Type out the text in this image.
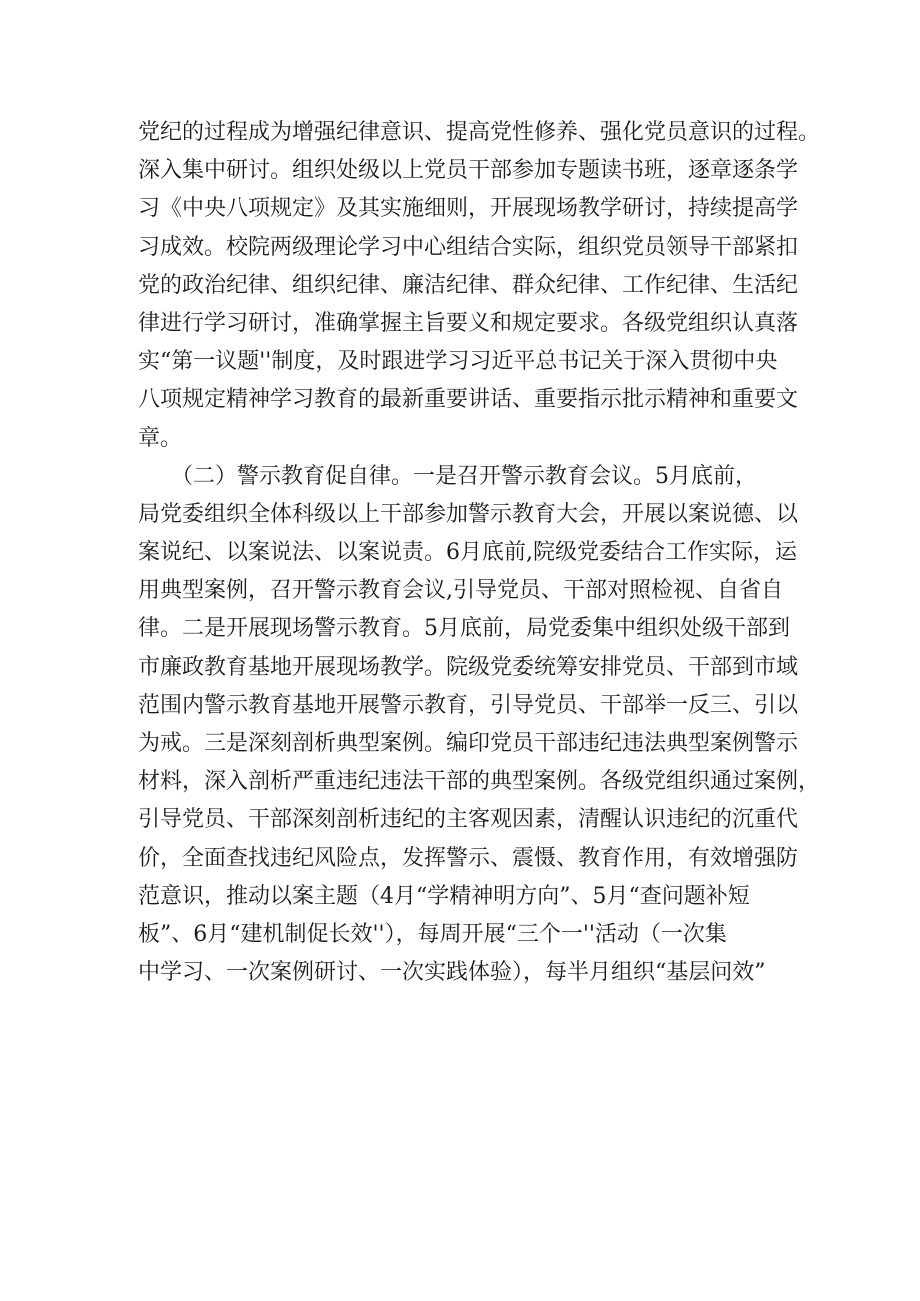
党纪的过程成为增强纪律意识、提高党性修养、强化党员意识的过程。
深入集中研讨。组织处级以上党员干部参加专题读书班，逐章逐条学
习《中央八项规定》及其实施细则，开展现场教学研讨，持续提高学
习成效。校院两级理论学习中心组结合实际，组织党员领导干部紧扣
党的政治纪律、组织纪律、廉洁纪律、群众纪律、工作纪律、生活纪
律进行学习研讨，准确掌握主旨要义和规定要求。各级党组织认真落
实“第一议题''制度，及时跟进学习习近平总书记关于深入贯彻中央
八项规定精神学习教育的最新重要讲话、重要指示批示精神和重要文
章。
　　（二）警示教育促自律。一是召开警示教育会议。5月底前，
局党委组织全体科级以上干部参加警示教育大会，开展以案说德、以
案说纪、以案说法、以案说责。6月底前,院级党委结合工作实际，运
用典型案例，召开警示教育会议,引导党员、干部对照检视、自省自
律。二是开展现场警示教育。5月底前，局党委集中组织处级干部到
市廉政教育基地开展现场教学。院级党委统筹安排党员、干部到市域
范围内警示教育基地开展警示教育，引导党员、干部举一反三、引以
为戒。三是深刻剖析典型案例。编印党员干部违纪违法典型案例警示
材料，深入剖析严重违纪违法干部的典型案例。各级党组织通过案例，
引导党员、干部深刻剖析违纪的主客观因素，清醒认识违纪的沉重代
价，全面查找违纪风险点，发挥警示、震慑、教育作用，有效增强防
范意识，推动以案主题（4月“学精神明方向”、5月“查问题补短
板”、6月“建机制促长效''），每周开展“三个一''活动（一次集
中学习、一次案例研讨、一次实践体验），每半月组织“基层问效”
